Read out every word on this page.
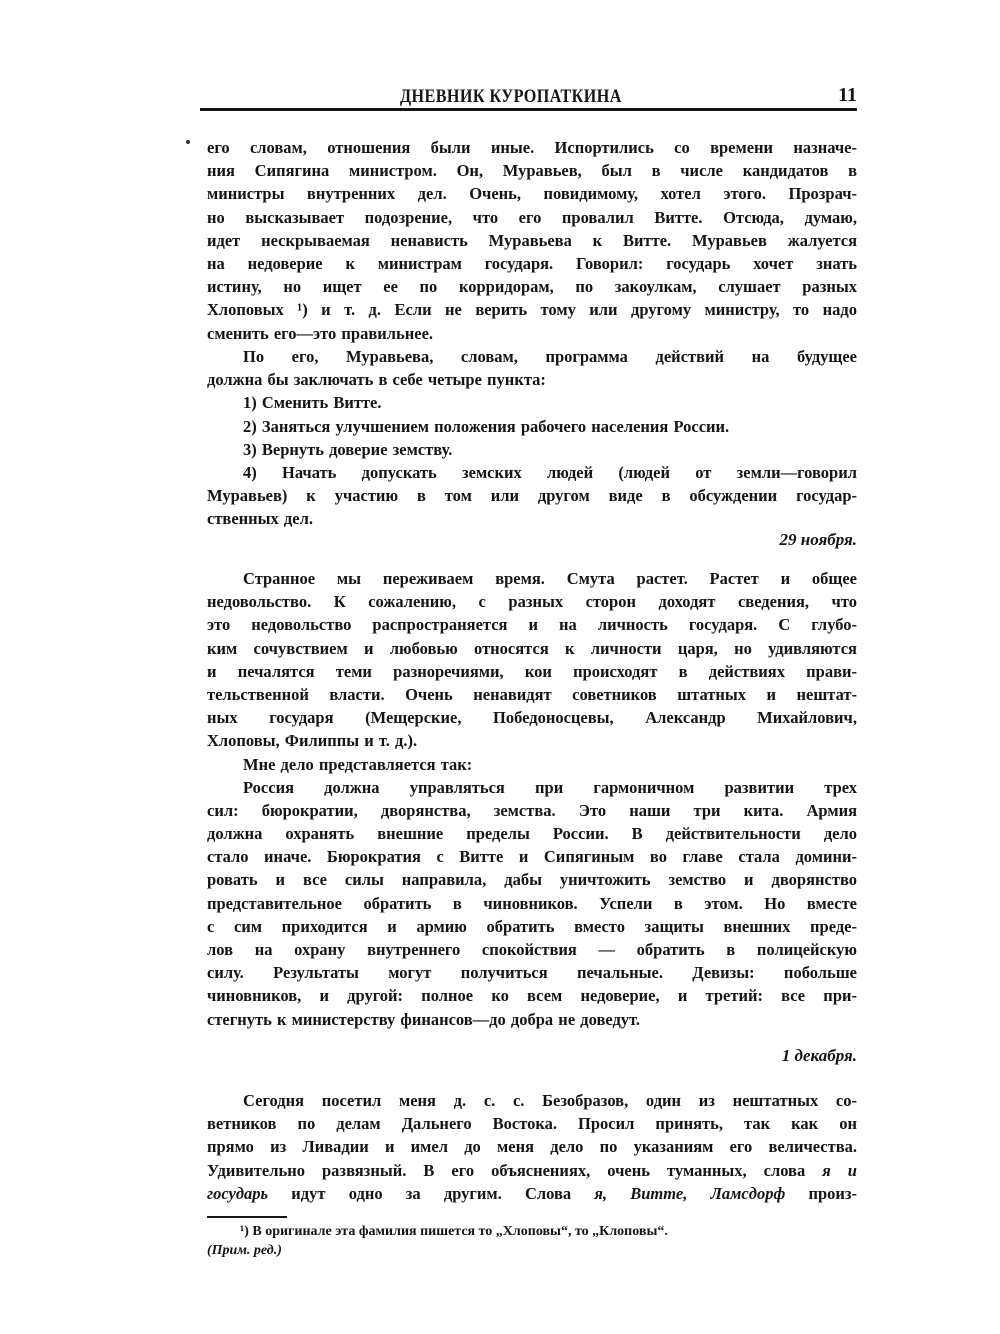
ДНЕВНИК КУРОПАТКИНА	11
его словам, отношения были иные. Испортились со времени назначе-
ния Сипягина министром. Он, Муравьев, был в числе кандидатов в
министры внутренних дел. Очень, повидимому, хотел этого. Прозрач-
но высказывает подозрение, что его провалил Витте. Отсюда, думаю,
идет нескрываемая ненависть Муравьева к Витте. Муравьев жалуется
на недоверие к министрам государя. Говорил: государь хочет знать
истину, но ищет ее по корридорам, по закоулкам, слушает разных
Хлоповых ¹) и т. д. Если не верить тому или другому министру, то надо
сменить его—это правильнее.
По его, Муравьева, словам, программа действий на будущее
должна бы заключать в себе четыре пункта:
1) Сменить Витте.
2) Заняться улучшением положения рабочего населения России.
3) Вернуть доверие земству.
4) Начать допускать земских людей (людей от земли—говорил
Муравьев) к участию в том или другом виде в обсуждении государ-
ственных дел.
29 ноября.
Странное мы переживаем время. Смута растет. Растет и общее
недовольство. К сожалению, с разных сторон доходят сведения, что
это недовольство распространяется и на личность государя. С глубо-
ким сочувствием и любовью относятся к личности царя, но удивляются
и печалятся теми разноречиями, кои происходят в действиях прави-
тельственной власти. Очень ненавидят советников штатных и нештат-
ных государя (Мещерские, Победоносцевы, Александр Михайлович,
Хлоповы, Филиппы и т. д.).
Мне дело представляется так:
Россия должна управляться при гармоничном развитии трех
сил: бюрократии, дворянства, земства. Это наши три кита. Армия
должна охранять внешние пределы России. В действительности дело
стало иначе. Бюрократия с Витте и Сипягиным во главе стала домини-
ровать и все силы направила, дабы уничтожить земство и дворянство
представительное обратить в чиновников. Успели в этом. Но вместе
с сим приходится и армию обратить вместо защиты внешних преде-
лов на охрану внутреннего спокойствия — обратить в полицейскую
силу. Результаты могут получиться печальные. Девизы: побольше
чиновников, и другой: полное ко всем недоверие, и третий: все при-
стегнуть к министерству финансов—до добра не доведут.
1 декабря.
Сегодня посетил меня д. с. с. Безобразов, один из нештатных со-
ветников по делам Дальнего Востока. Просил принять, так как он
прямо из Ливадии и имел до меня дело по указаниям его величества.
Удивительно развязный. В его объяснениях, очень туманных, слова я и
государь идут одно за другим. Слова я, Витте, Ламсдорф произ-
¹) В оригинале эта фамилия пишется то „Хлоповы“, то „Клоповы“.
(Прим. ред.)
